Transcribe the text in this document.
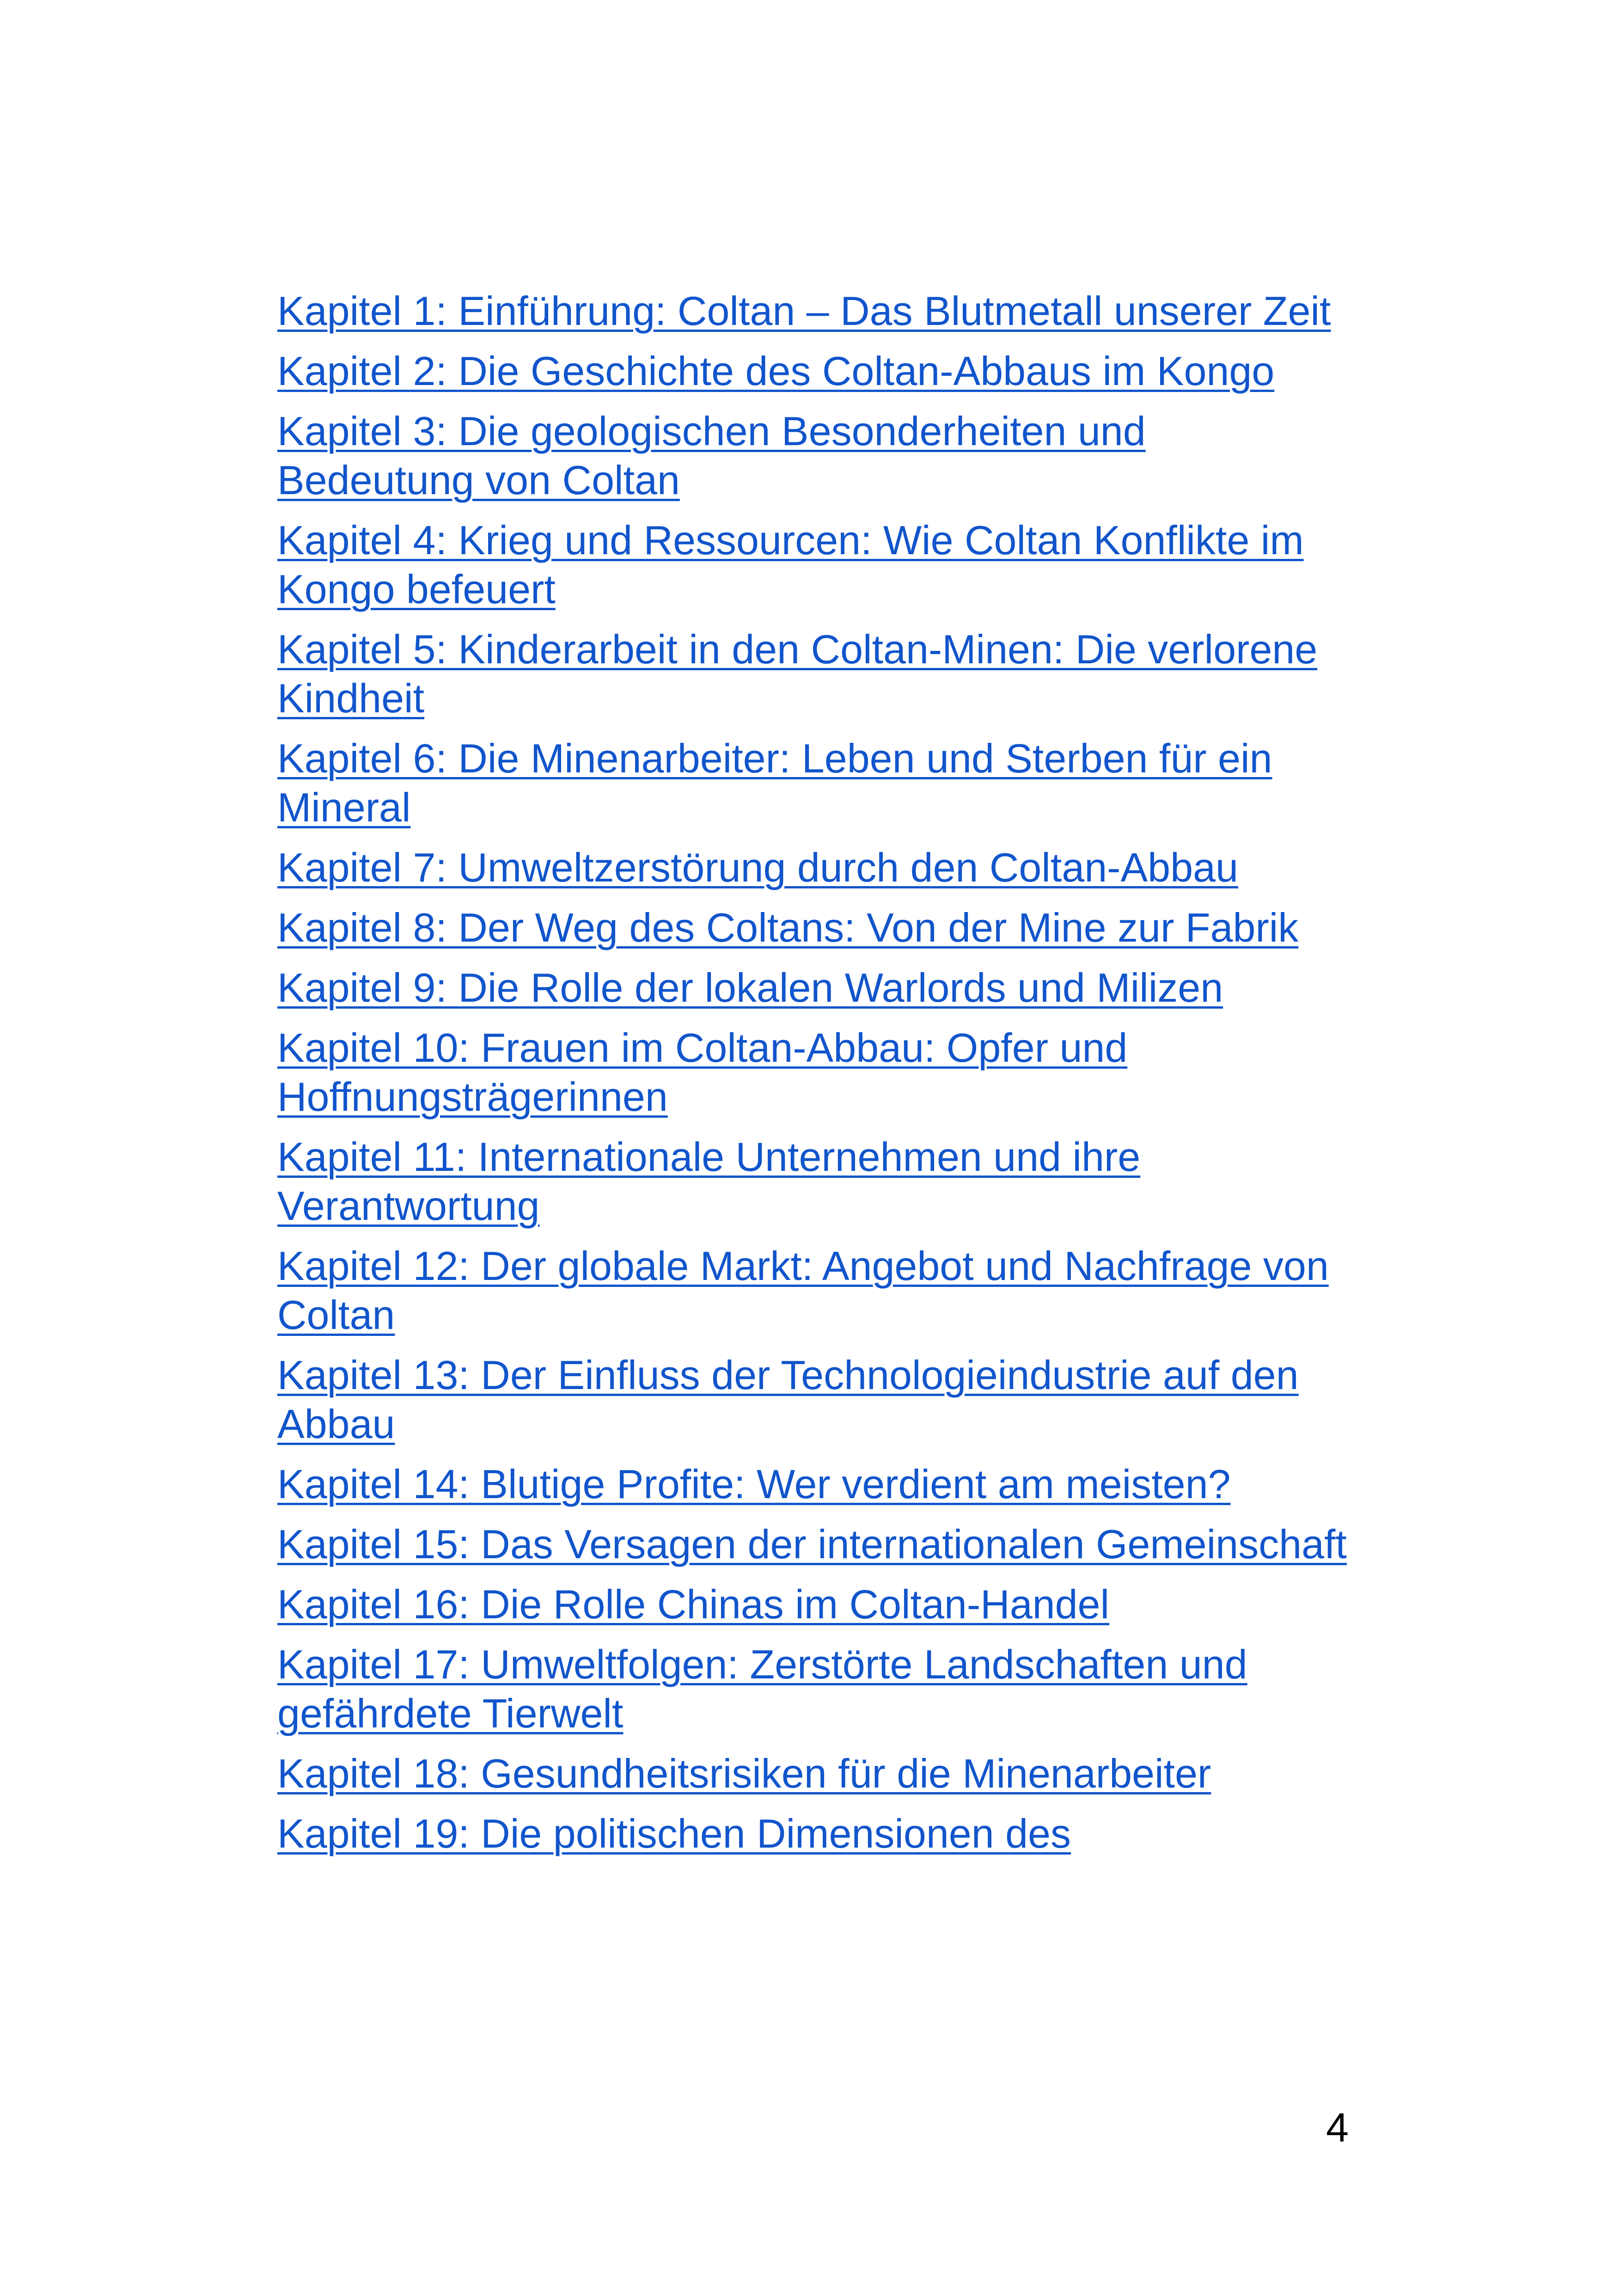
Kapitel 1: Einführung: Coltan – Das Blutmetall unserer Zeit
Kapitel 2: Die Geschichte des Coltan-Abbaus im Kongo
Kapitel 3: Die geologischen Besonderheiten und Bedeutung von Coltan
Kapitel 4: Krieg und Ressourcen: Wie Coltan Konflikte im Kongo befeuert
Kapitel 5: Kinderarbeit in den Coltan-Minen: Die verlorene Kindheit
Kapitel 6: Die Minenarbeiter: Leben und Sterben für ein Mineral
Kapitel 7: Umweltzerstörung durch den Coltan-Abbau
Kapitel 8: Der Weg des Coltans: Von der Mine zur Fabrik
Kapitel 9: Die Rolle der lokalen Warlords und Milizen
Kapitel 10: Frauen im Coltan-Abbau: Opfer und Hoffnungsträgerinnen
Kapitel 11: Internationale Unternehmen und ihre Verantwortung
Kapitel 12: Der globale Markt: Angebot und Nachfrage von Coltan
Kapitel 13: Der Einfluss der Technologieindustrie auf den Abbau
Kapitel 14: Blutige Profite: Wer verdient am meisten?
Kapitel 15: Das Versagen der internationalen Gemeinschaft
Kapitel 16: Die Rolle Chinas im Coltan-Handel
Kapitel 17: Umweltfolgen: Zerstörte Landschaften und gefährdete Tierwelt
Kapitel 18: Gesundheitsrisiken für die Minenarbeiter
Kapitel 19: Die politischen Dimensionen des
4
